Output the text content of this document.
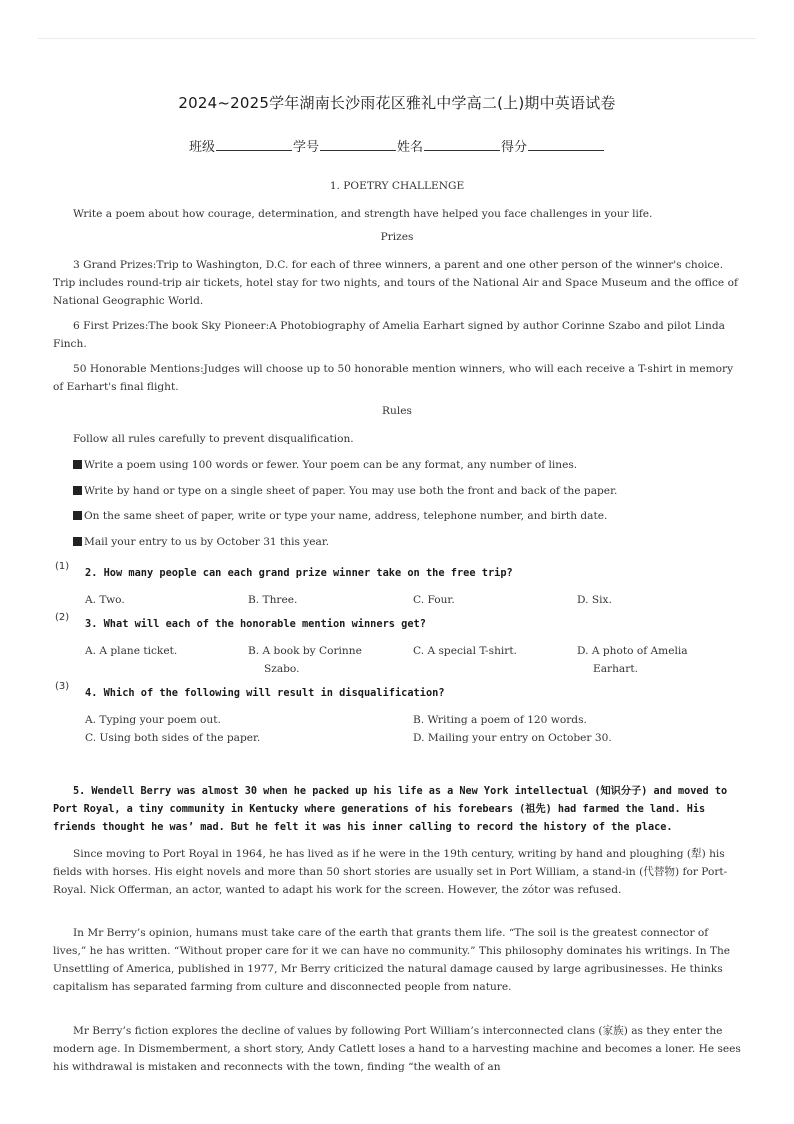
2024~2025学年湖南长沙雨花区雅礼中学高二(上)期中英语试卷
班级	学号	姓名	得分
1. POETRY CHALLENGE

Write a poem about how courage, determination, and strength have helped you face challenges in your life.

Prizes

3 Grand Prizes:Trip to Washington, D.C. for each of three winners, a parent and one other person of the winner's choice. Trip includes round-trip air tickets, hotel stay for two nights, and tours of the National Air and Space Museum and the office of National Geographic World.

6 First Prizes:The book Sky Pioneer:A Photobiography of Amelia Earhart signed by author Corinne Szabo and pilot Linda Finch.

50 Honorable Mentions:Judges will choose up to 50 honorable mention winners, who will each receive a T-shirt in memory of Earhart's final flight.

Rules

Follow all rules carefully to prevent disqualification.

Write a poem using 100 words or fewer. Your poem can be any format, any number of lines.

Write by hand or type on a single sheet of paper. You may use both the front and back of the paper.

On the same sheet of paper, write or type your name, address, telephone number, and birth date.

Mail your entry to us by October 31 this year.

(1)
2. How many people can each grand prize winner take on the free trip?
A. Two.	B. Three.	C. Four.	D. Six.
(2)
3. What will each of the honorable mention winners get?
A. A plane ticket.	B. A book by Corinne
Szabo.
C. A special T-shirt.	D. A photo of Amelia
Earhart.
(3)
4. Which of the following will result in disqualification?
A. Typing your poem out.	B. Writing a poem of 120 words.
C. Using both sides of the paper.	D. Mailing your entry on October 30.
5. Wendell Berry was almost 30 when he packed up his life as a New York intellectual (知识分子) and moved to
Port Royal, a tiny community in Kentucky where generations of his forebears (祖先) had farmed the land. His
friends thought he was’ mad. But he felt it was his inner calling to record the history of the place.

Since moving to Port Royal in 1964, he has lived as if he were in the 19th century, writing by hand and ploughing (犁) his fields with horses. His eight novels and more than 50 short stories are usually set in Port William, a stand-in (代替物) for Port-Royal. Nick Offerman, an actor, wanted to adapt his work for the screen. However, the zótor was refused.

In Mr Berry’s opinion, humans must take care of the earth that grants them life. “The soil is the greatest connector of lives,” he has written. “Without proper care for it we can have no community.” This philosophy dominates his writings. In The Unsettling of America, published in 1977, Mr Berry criticized the natural damage caused by large agribusinesses. He thinks capitalism has separated farming from culture and disconnected people from nature.

Mr Berry’s fiction explores the decline of values by following Port William’s interconnected clans (家族) as they enter the modern age. In Dismemberment, a short story, Andy Catlett loses a hand to a harvesting machine and becomes a loner. He sees his withdrawal is mistaken and reconnects with the town, finding “the wealth of an
